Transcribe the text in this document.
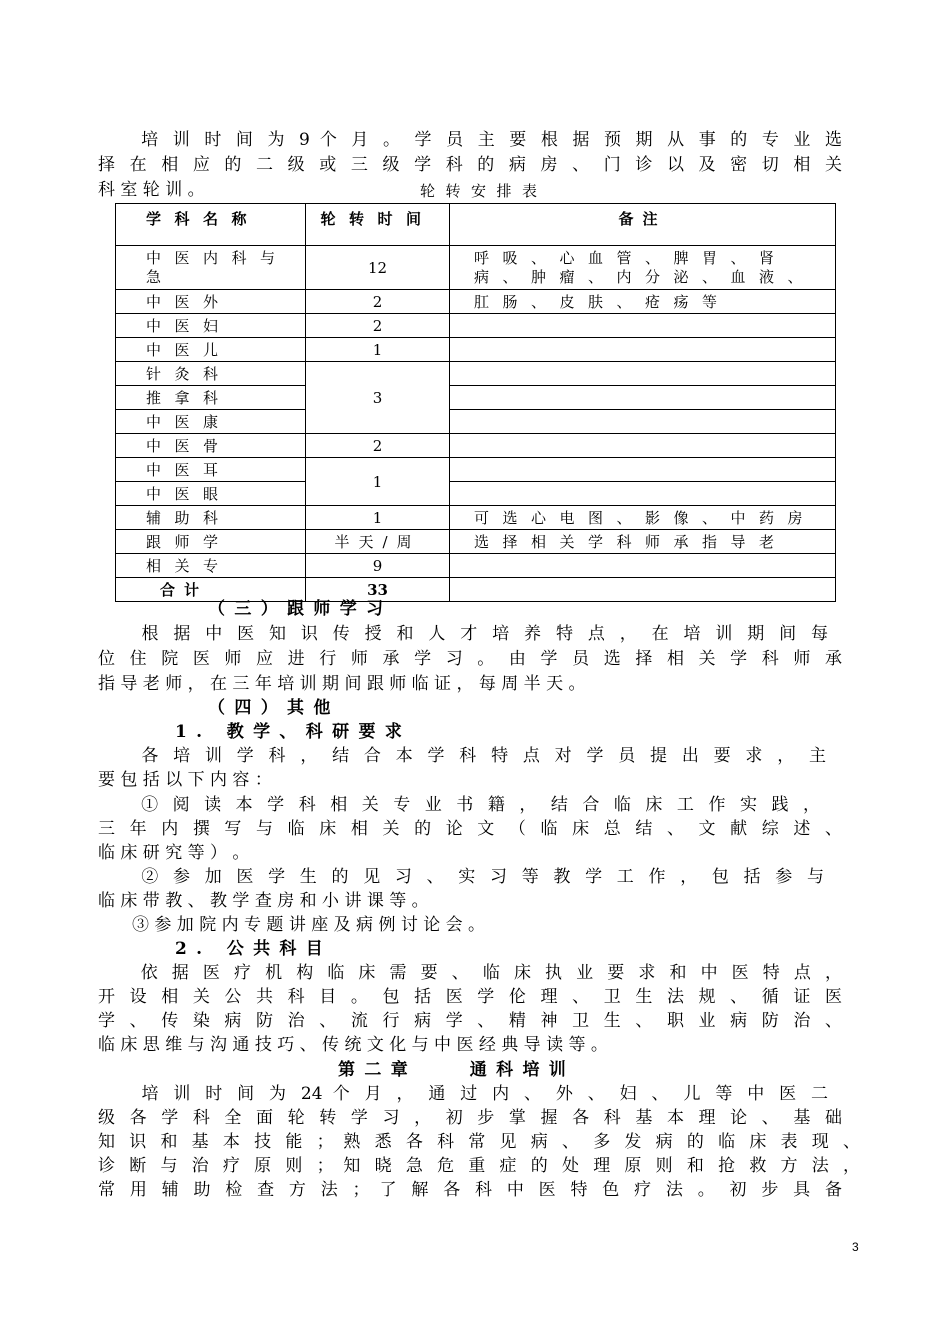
　　培 训 时 间 为 9 个 月 。 学 员 主 要 根 据 预 期 从 事 的 专 业 选
择 在 相 应 的 二 级 或 三 级 学 科 的 病 房 、 门 诊 以 及 密 切 相 关
科 室 轮 训 。	轮转安排表
学科名称	轮转时间	备注
中医内科与急	12	呼吸、心血管、脾胃、肾病、肿瘤、内分泌、血液、
中医外	2	肛肠、皮肤、疮疡等
中医妇	2	
中医儿	1	
针灸科	3	
推拿科		
中医康		
中医骨	2	
中医耳	1	
中医眼		
辅助科	1	可选心电图、影像、中药房
跟师学	半天/周	选择相关学科师承指导老
相关专	9	
合计	33	
（三）跟师学习
　　根 据 中 医 知 识 传 授 和 人 才 培 养 特 点 ， 在 培 训 期 间 每
位 住 院 医 师 应 进 行 师 承 学 习 。 由 学 员 选 择 相 关 学 科 师 承
指 导 老 师 ， 在 三 年 培 训 期 间 跟 师 临 证 ， 每 周 半 天 。
（四）其他
1. 教学、科研要求
　　各 培 训 学 科 ， 结 合 本 学 科 特 点 对 学 员 提 出 要 求 ， 主
要 包 括 以 下 内 容 ：
　　① 阅 读 本 学 科 相 关 专 业 书 籍 ， 结 合 临 床 工 作 实 践 ，
三 年 内 撰 写 与 临 床 相 关 的 论 文 （ 临 床 总 结 、 文 献 综 述 、
临 床 研 究 等 ） 。
　　② 参 加 医 学 生 的 见 习 、 实 习 等 教 学 工 作 ， 包 括 参 与
临 床 带 教 、 教 学 查 房 和 小 讲 课 等 。
　　③ 参 加 院 内 专 题 讲 座 及 病 例 讨 论 会 。
2. 公共科目
　　依 据 医 疗 机 构 临 床 需 要 、 临 床 执 业 要 求 和 中 医 特 点 ，
开 设 相 关 公 共 科 目 。 包 括 医 学 伦 理 、 卫 生 法 规 、 循 证 医
学 、 传 染 病 防 治 、 流 行 病 学 、 精 神 卫 生 、 职 业 病 防 治 、
临 床 思 维 与 沟 通 技 巧 、 传 统 文 化 与 中 医 经 典 导 读 等 。
第二章　　通科培训
　　培 训 时 间 为 24 个 月 ， 通 过 内 、 外 、 妇 、 儿 等 中 医 二
级 各 学 科 全 面 轮 转 学 习 ， 初 步 掌 握 各 科 基 本 理 论 、 基 础
知 识 和 基 本 技 能 ； 熟 悉 各 科 常 见 病 、 多 发 病 的 临 床 表 现 、
诊 断 与 治 疗 原 则 ； 知 晓 急 危 重 症 的 处 理 原 则 和 抢 救 方 法 ，
常 用 辅 助 检 查 方 法 ； 了 解 各 科 中 医 特 色 疗 法 。 初 步 具 备
3
